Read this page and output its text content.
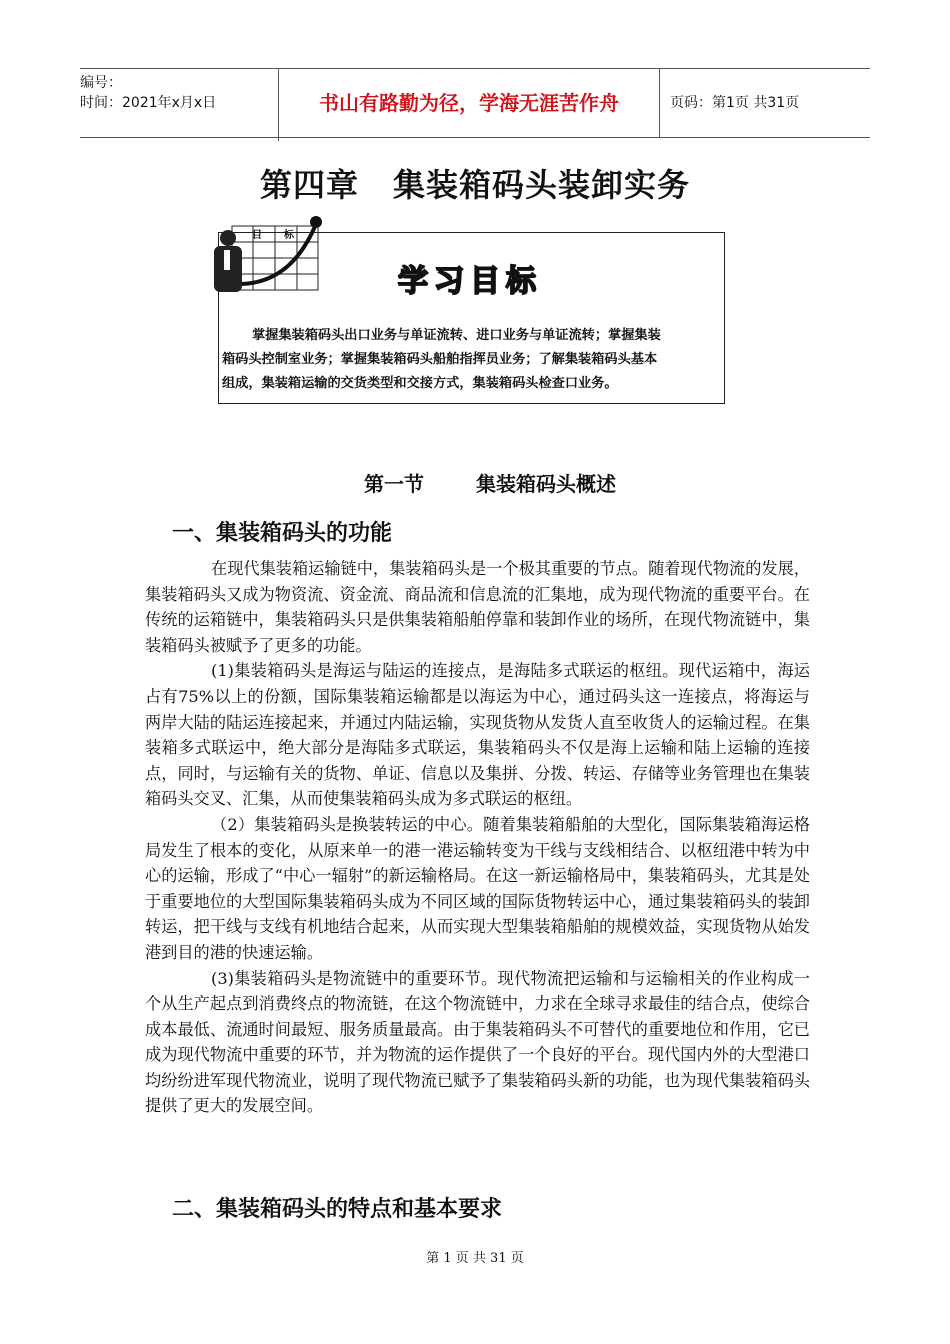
编号：
时间：2021年x月x日	书山有路勤为径，学海无涯苦作舟	页码：第1页 共31页
第四章 集装箱码头装卸实务
目 标
学习目标

掌握集装箱码头出口业务与单证流转、进口业务与单证流转；掌握集装

箱码头控制室业务；掌握集装箱码头船舶指挥员业务；了解集装箱码头基本

组成，集装箱运输的交货类型和交接方式，集装箱码头检查口业务。

第一节	集装箱码头概述
一、集装箱码头的功能

在现代集装箱运输链中，集装箱码头是一个极其重要的节点。随着现代物流的发展，集装箱码头又成为物资流、资金流、商品流和信息流的汇集地，成为现代物流的重要平台。在传统的运箱链中，集装箱码头只是供集装箱船舶停靠和装卸作业的场所，在现代物流链中，集装箱码头被赋予了更多的功能。

(1)集装箱码头是海运与陆运的连接点，是海陆多式联运的枢纽。现代运箱中，海运占有75%以上的份额，国际集装箱运输都是以海运为中心，通过码头这一连接点，将海运与两岸大陆的陆运连接起来，并通过内陆运输，实现货物从发货人直至收货人的运输过程。在集装箱多式联运中，绝大部分是海陆多式联运，集装箱码头不仅是海上运输和陆上运输的连接点，同时，与运输有关的货物、单证、信息以及集拼、分拨、转运、存储等业务管理也在集装箱码头交叉、汇集，从而使集装箱码头成为多式联运的枢纽。

（2）集装箱码头是换装转运的中心。随着集装箱船舶的大型化，国际集装箱海运格局发生了根本的变化，从原来单一的港一港运输转变为干线与支线相结合、以枢纽港中转为中心的运输，形成了“中心一辐射”的新运输格局。在这一新运输格局中，集装箱码头，尤其是处于重要地位的大型国际集装箱码头成为不同区域的国际货物转运中心，通过集装箱码头的装卸转运，把干线与支线有机地结合起来，从而实现大型集装箱船舶的规模效益，实现货物从始发港到目的港的快速运输。

(3)集装箱码头是物流链中的重要环节。现代物流把运输和与运输相关的作业构成一个从生产起点到消费终点的物流链，在这个物流链中，力求在全球寻求最佳的结合点，使综合成本最低、流通时间最短、服务质量最高。由于集装箱码头不可替代的重要地位和作用，它已成为现代物流中重要的环节，并为物流的运作提供了一个良好的平台。现代国内外的大型港口均纷纷进军现代物流业，说明了现代物流已赋予了集装箱码头新的功能，也为现代集装箱码头提供了更大的发展空间。

二、集装箱码头的特点和基本要求
第 1 页 共 31 页
